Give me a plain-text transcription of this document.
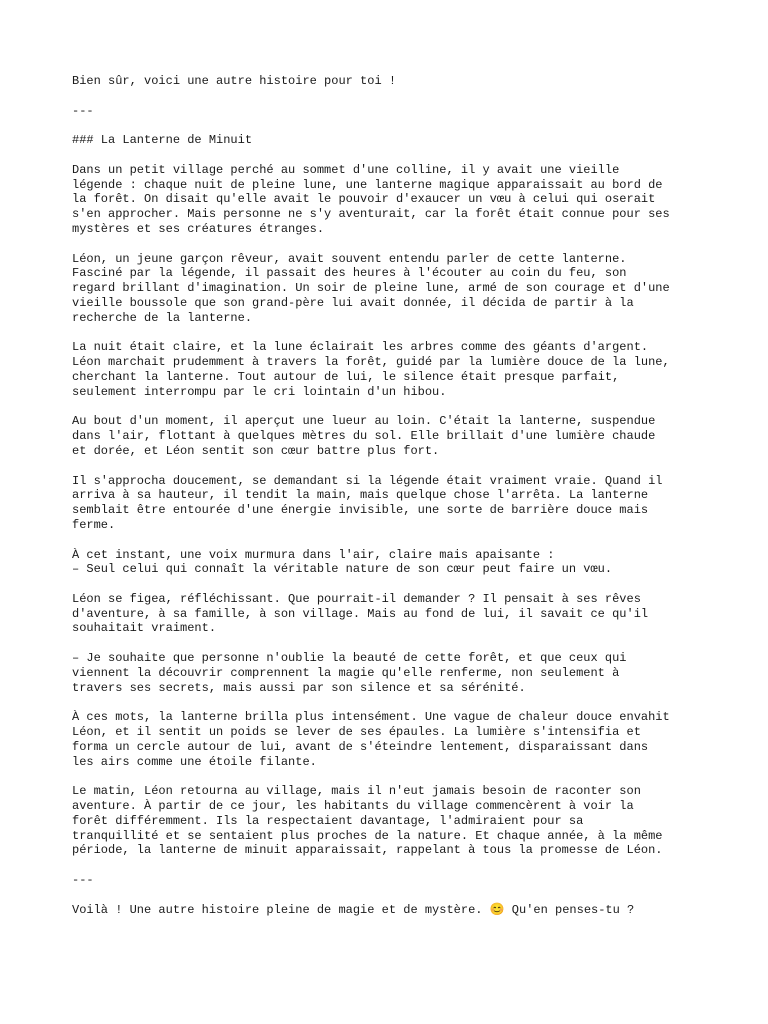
Bien sûr, voici une autre histoire pour toi !
---
### La Lanterne de Minuit
Dans un petit village perché au sommet d'une colline, il y avait une vieille
légende : chaque nuit de pleine lune, une lanterne magique apparaissait au bord de
la forêt. On disait qu'elle avait le pouvoir d'exaucer un vœu à celui qui oserait
s'en approcher. Mais personne ne s'y aventurait, car la forêt était connue pour ses
mystères et ses créatures étranges.
Léon, un jeune garçon rêveur, avait souvent entendu parler de cette lanterne.
Fasciné par la légende, il passait des heures à l'écouter au coin du feu, son
regard brillant d'imagination. Un soir de pleine lune, armé de son courage et d'une
vieille boussole que son grand-père lui avait donnée, il décida de partir à la
recherche de la lanterne.
La nuit était claire, et la lune éclairait les arbres comme des géants d'argent.
Léon marchait prudemment à travers la forêt, guidé par la lumière douce de la lune,
cherchant la lanterne. Tout autour de lui, le silence était presque parfait,
seulement interrompu par le cri lointain d'un hibou.
Au bout d'un moment, il aperçut une lueur au loin. C'était la lanterne, suspendue
dans l'air, flottant à quelques mètres du sol. Elle brillait d'une lumière chaude
et dorée, et Léon sentit son cœur battre plus fort.
Il s'approcha doucement, se demandant si la légende était vraiment vraie. Quand il
arriva à sa hauteur, il tendit la main, mais quelque chose l'arrêta. La lanterne
semblait être entourée d'une énergie invisible, une sorte de barrière douce mais
ferme.
À cet instant, une voix murmura dans l'air, claire mais apaisante :
– Seul celui qui connaît la véritable nature de son cœur peut faire un vœu.
Léon se figea, réfléchissant. Que pourrait-il demander ? Il pensait à ses rêves
d'aventure, à sa famille, à son village. Mais au fond de lui, il savait ce qu'il
souhaitait vraiment.
– Je souhaite que personne n'oublie la beauté de cette forêt, et que ceux qui
viennent la découvrir comprennent la magie qu'elle renferme, non seulement à
travers ses secrets, mais aussi par son silence et sa sérénité.
À ces mots, la lanterne brilla plus intensément. Une vague de chaleur douce envahit
Léon, et il sentit un poids se lever de ses épaules. La lumière s'intensifia et
forma un cercle autour de lui, avant de s'éteindre lentement, disparaissant dans
les airs comme une étoile filante.
Le matin, Léon retourna au village, mais il n'eut jamais besoin de raconter son
aventure. À partir de ce jour, les habitants du village commencèrent à voir la
forêt différemment. Ils la respectaient davantage, l'admiraient pour sa
tranquillité et se sentaient plus proches de la nature. Et chaque année, à la même
période, la lanterne de minuit apparaissait, rappelant à tous la promesse de Léon.
---
Voilà ! Une autre histoire pleine de magie et de mystère. 😊 Qu'en penses-tu ?
